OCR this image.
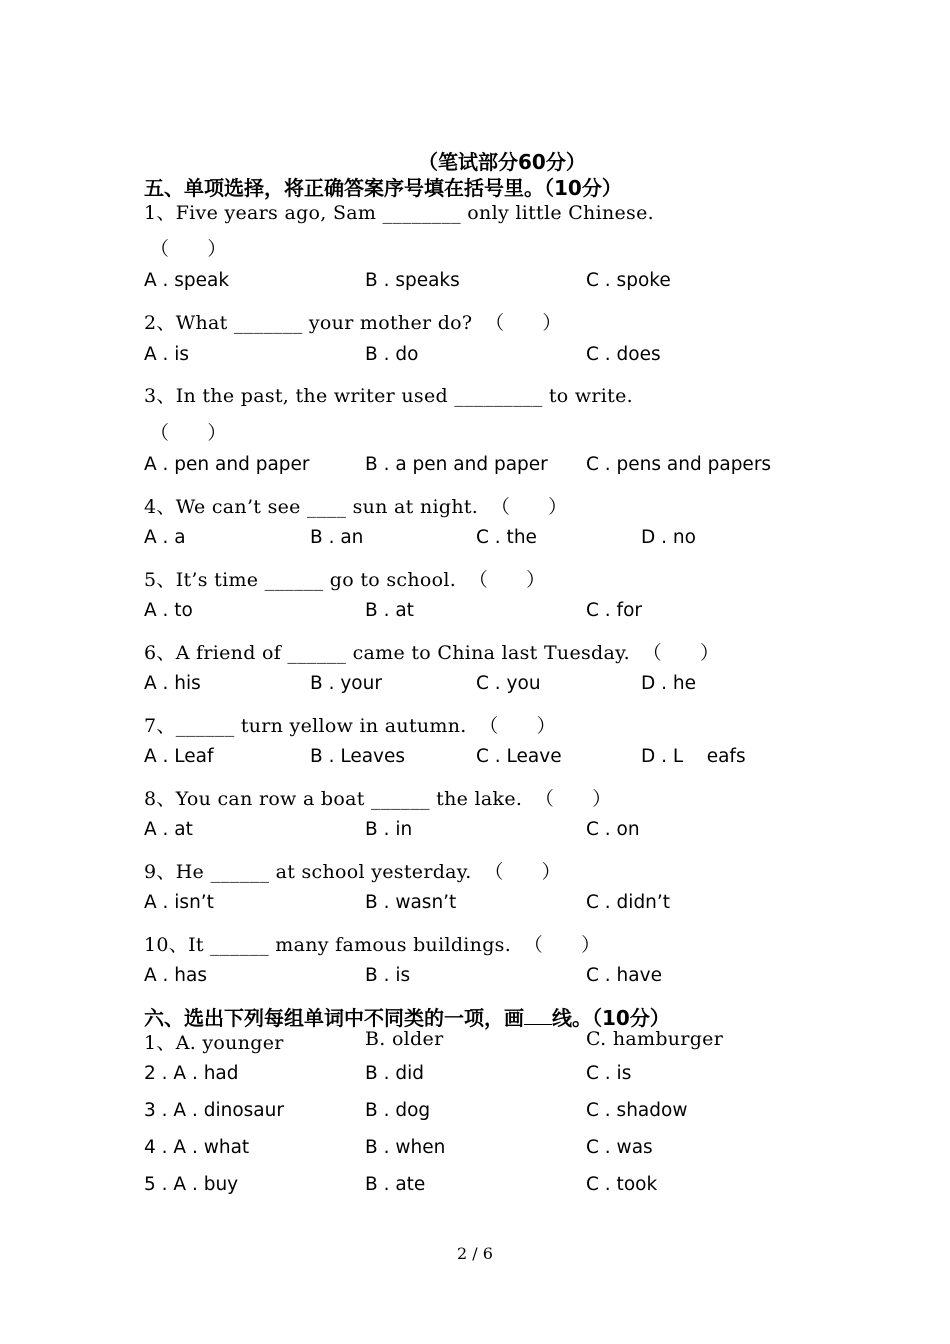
（笔试部分60分）
五、单项选择，将正确答案序号填在括号里。（10分）
1、Five years ago, Sam ________ only little Chinese.
（      ）
A . speak	B . speaks	C . spoke
2、What _______ your mother do?  （      ）
A . is	B . do	C . does
3、In the past, the writer used _________ to write.
（      ）
A . pen and paper	B . a pen and paper C . pens and papers
4、We can’t see ____ sun at night.  （      ）
A . a	B . an	C . the	D . no
5、It’s time ______ go to school.  （      ）
A . to	B . at	C . for
6、A friend of ______ came to China last Tuesday.  （      ）
A . his	B . your	C . you	D . he
7、______ turn yellow in autumn.  （      ）
A . Leaf	B . Leaves	C . Leave	D . L    eafs
8、You can row a boat ______ the lake.  （      ）
A . at	B . in	C . on
9、He ______ at school yesterday.  （      ）
A . isn’t	B . wasn’t	C . didn’t
10、It ______ many famous buildings.  （      ）
A . has	B . is	C . have
六、选出下列每组单词中不同类的一项，画 线。（10分）
1、A. younger	B. older	C. hamburger
2 . A . had	B . did	C . is
3 . A . dinosaur	B . dog	C . shadow
4 . A . what	B . when	C . was
5 . A . buy	B . ate	C . took
2 / 6
